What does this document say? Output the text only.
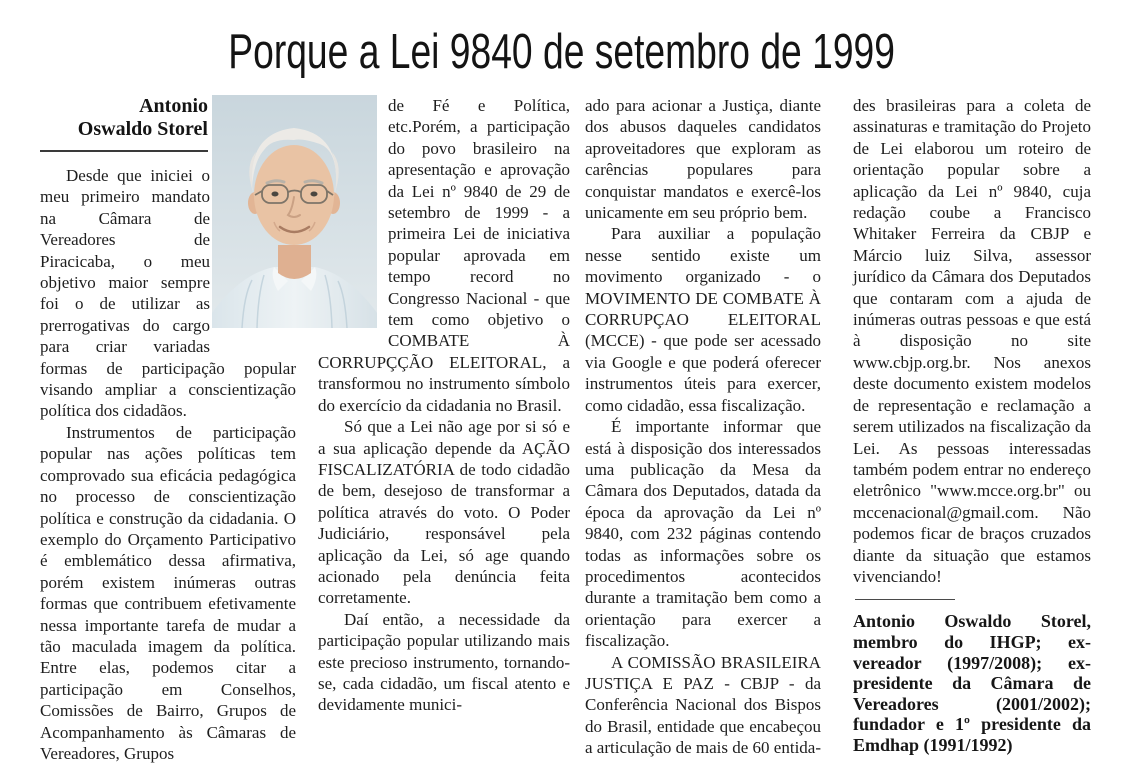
Porque a Lei 9840 de setembro de 1999
Antonio
Oswaldo Storel

Desde que iniciei o meu primeiro mandato na Câmara de Vereadores de Piracicaba, o meu objetivo maior sempre foi o de utilizar as prerrogativas do cargo para criar variadas formas de participação popular visando ampliar a conscientização política dos cidadãos.

Instrumentos de participação popular nas ações políticas tem comprovado sua eficácia pedagógica no processo de conscientização política e construção da cidadania. O exemplo do Orçamento Participativo é emblemático dessa afirmativa, porém existem inúmeras outras formas que contribuem efetivamente nessa importante tarefa de mudar a tão maculada imagem da política. Entre elas, podemos citar a participação em Conselhos, Comissões de Bairro, Grupos de Acompanhamento às Câmaras de Vereadores, Grupos

de Fé e Política, etc.Porém, a participação do povo brasileiro na apresentação e aprovação da Lei nº 9840 de 29 de setembro de 1999 - a primeira Lei de iniciativa popular aprovada em tempo record no Congresso Nacional - que tem como objetivo o COMBATE À CORRUPÇÇÃO ELEITORAL, a transformou no instrumento símbolo do exercício da cidadania no Brasil.

Só que a Lei não age por si só e a sua aplicação depende da AÇÃO FISCALIZATÓRIA de todo cidadão de bem, desejoso de transformar a política através do voto. O Poder Judiciário, responsável pela aplicação da Lei, só age quando acionado pela denúncia feita corretamente.

Daí então, a necessidade da participação popular utilizando mais este precioso instrumento, tornando-se, cada cidadão, um fiscal atento e devidamente munici-

ado para acionar a Justiça, diante dos abusos daqueles candidatos aproveitadores que exploram as carências populares para conquistar mandatos e exercê-los unicamente em seu próprio bem.

Para auxiliar a população nesse sentido existe um movimento organizado - o MOVIMENTO DE COMBATE À CORRUPÇAO ELEITORAL (MCCE) - que pode ser acessado via Google e que poderá oferecer instrumentos úteis para exercer, como cidadão, essa fiscalização.

É importante informar que está à disposição dos interessados uma publicação da Mesa da Câmara dos Deputados, datada da época da aprovação da Lei nº 9840, com 232 páginas contendo todas as informações sobre os procedimentos acontecidos durante a tramitação bem como a orientação para exercer a fiscalização.

A COMISSÃO BRASILEIRA JUSTIÇA E PAZ - CBJP - da Conferência Nacional dos Bispos do Brasil, entidade que encabeçou a articulação de mais de 60 entida-

des brasileiras para a coleta de assinaturas e tramitação do Projeto de Lei elaborou um roteiro de orientação popular sobre a aplicação da Lei nº 9840, cuja redação coube a Francisco Whitaker Ferreira da CBJP e Márcio luiz Silva, assessor jurídico da Câmara dos Deputados que contaram com a ajuda de inúmeras outras pessoas e que está à disposição no site www.cbjp.org.br. Nos anexos deste documento existem modelos de representação e reclamação a serem utilizados na fiscalização da Lei. As pessoas interessadas também podem entrar no endereço eletrônico "www.mcce.org.br" ou mccenacional@gmail.com. Não podemos ficar de braços cruzados diante da situação que estamos vivenciando!

Antonio Oswaldo Storel, membro do IHGP; ex-vereador (1997/2008); ex-presidente da Câmara de Vereadores (2001/2002); fundador e 1º presidente da Emdhap (1991/1992)
